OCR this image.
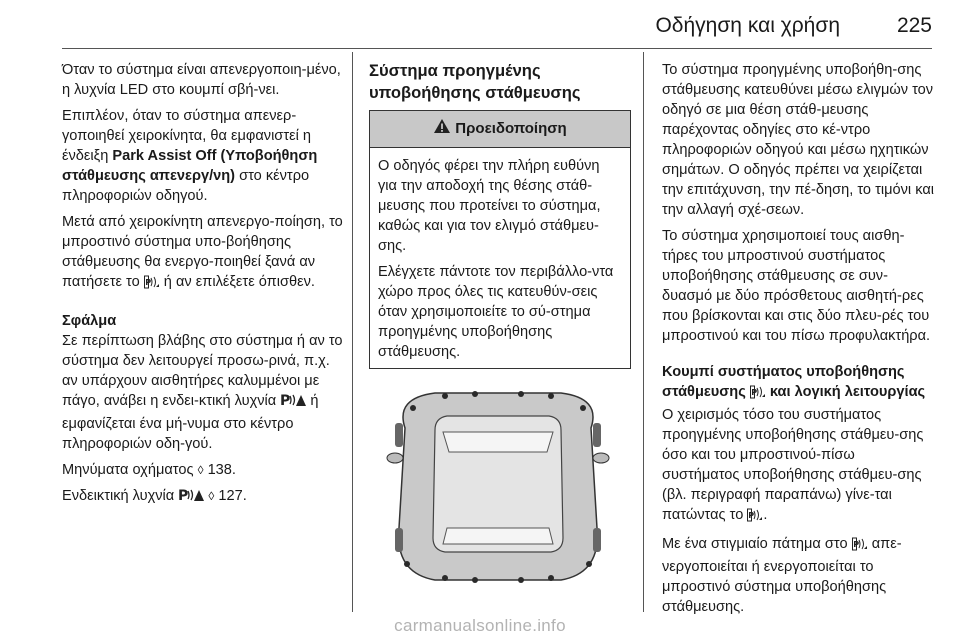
Οδήγηση και χρήση	225

Όταν το σύστημα είναι απενεργοποιη-μένο, η λυχνία LED στο κουμπί σβή-νει.

Επιπλέον, όταν το σύστημα απενερ-γοποιηθεί χειροκίνητα, θα εμφανιστεί η ένδειξη Park Assist Off (Υποβοήθηση στάθμευσης απενεργ/νη) στο κέντρο πληροφοριών οδηγού.

Μετά από χειροκίνητη απενεργο-ποίηση, το μπροστινό σύστημα υπο-βοήθησης στάθμευσης θα ενεργο-ποιηθεί ξανά αν πατήσετε το P ή αν επιλέξετε όπισθεν.

Σφάλμα

Σε περίπτωση βλάβης στο σύστημα ή αν το σύστημα δεν λειτουργεί προσω-ρινά, π.χ. αν υπάρχουν αισθητήρες καλυμμένοι με πάγο, ανάβει η ενδει-κτική λυχνία P ή εμφανίζεται ένα μή-νυμα στο κέντρο πληροφοριών οδη-γού.

Μηνύματα οχήματος ◊ 138.

Ενδεικτική λυχνία P ◊ 127.

Σύστημα προηγμένης υποβοήθησης στάθμευσης
Προειδοποίηση

Ο οδηγός φέρει την πλήρη ευθύνη για την αποδοχή της θέσης στάθ-μευσης που προτείνει το σύστημα, καθώς και για τον ελιγμό στάθμευ-σης.

Ελέγχετε πάντοτε τον περιβάλλο-ντα χώρο προς όλες τις κατευθύν-σεις όταν χρησιμοποιείτε το σύ-στημα προηγμένης υποβοήθησης στάθμευσης.

Το σύστημα προηγμένης υποβοήθη-σης στάθμευσης κατευθύνει μέσω ελιγμών τον οδηγό σε μια θέση στάθ-μευσης παρέχοντας οδηγίες στο κέ-ντρο πληροφοριών οδηγού και μέσω ηχητικών σημάτων. Ο οδηγός πρέπει να χειρίζεται την επιτάχυνση, την πέ-δηση, το τιμόνι και την αλλαγή σχέ-σεων.

Το σύστημα χρησιμοποιεί τους αισθη-τήρες του μπροστινού συστήματος υποβοήθησης στάθμευσης σε συν-δυασμό με δύο πρόσθετους αισθητή-ρες που βρίσκονται και στις δύο πλευ-ρές του μπροστινού και του πίσω προφυλακτήρα.

Κουμπί συστήματος υποβοήθησης στάθμευσης P και λογική λειτουργίας

Ο χειρισμός τόσο του συστήματος προηγμένης υποβοήθησης στάθμευ-σης όσο και του μπροστινού-πίσω συστήματος υποβοήθησης στάθμευ-σης (βλ. περιγραφή παραπάνω) γίνε-ται πατώντας το P .

Με ένα στιγμιαίο πάτημα στο P απε-νεργοποιείται ή ενεργοποιείται το μπροστινό σύστημα υποβοήθησης στάθμευσης.

carmanualsonline.info
